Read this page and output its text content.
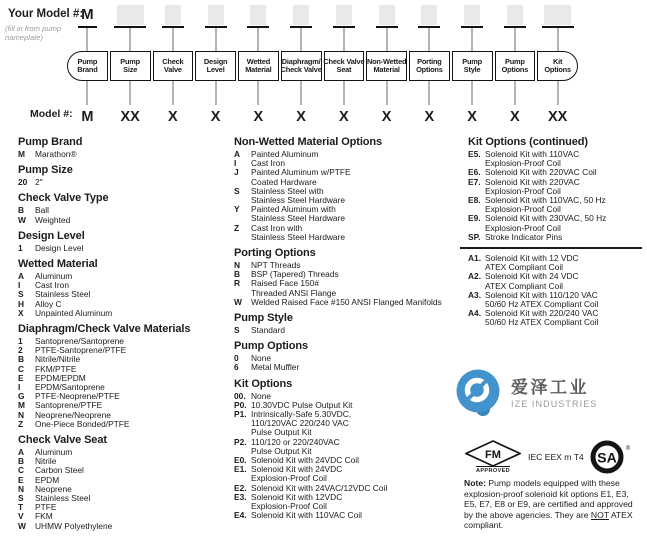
Your Model #:
(fill in from pump
nameplate)
M
Pump
Brand
M
Pump
Size
XX
Check
Valve
X
Design
Level
X
Wetted
Material
X
Diaphragm/
Check Valve
X
Check Valve
Seat
X
Non-Wetted
Material
X
Porting
Options
X
Pump
Style
X
Pump
Options
X
Kit
Options
XX
Model #:
Pump Brand
M	Marathon®
Pump Size
20 2"
Check Valve Type
B	Ball
W	Weighted
Design Level
1	Design Level
Wetted Material
A	Aluminum
I	Cast Iron
S	Stainless Steel
H	Alloy C
X	Unpainted Aluminum
Diaphragm/Check Valve Materials
1	Santoprene/Santoprene
2	PTFE-Santoprene/PTFE
B	Nitrile/Nitrile
C	FKM/PTFE
E	EPDM/EPDM
I	EPDM/Santoprene
G	PTFE-Neoprene/PTFE
M	Santoprene/PTFE
N	Neoprene/Neoprene
Z	One-Piece Bonded/PTFE
Check Valve Seat
A	Aluminum
B	Nitrile
C	Carbon Steel
E	EPDM
N	Neoprene
S	Stainless Steel
T	PTFE
V	FKM
W	UHMW Polyethylene
Non-Wetted Material Options
A	Painted Aluminum
I	Cast Iron
J	Painted Aluminum w/PTFE
Coated Hardware
S	Stainless Steel with
Stainless Steel Hardware
Y	Painted Aluminum with
Stainless Steel Hardware
Z	Cast Iron with
Stainless Steel Hardware
Porting Options
N	NPT Threads
B	BSP (Tapered) Threads
R	Raised Face 150#
Threaded ANSI Flange
W	Welded Raised Face #150 ANSI Flanged Manifolds
Pump Style
S	Standard
Pump Options
0	None
6	Metal Muffler
Kit Options
00. None
P0. 10.30VDC Pulse Output Kit
P1. Intrinsically-Safe 5.30VDC,
110/120VAC 220/240 VAC
Pulse Output Kit
P2. 110/120 or 220/240VAC
Pulse Output Kit
E0. Solenoid Kit with 24VDC Coil
E1. Solenoid Kit with 24VDC
Explosion-Proof Coil
E2. Solenoid Kit with 24VAC/12VDC Coil
E3. Solenoid Kit with 12VDC
Explosion-Proof Coil
E4. Solenoid Kit with 110VAC Coil
Kit Options (continued)
E5. Solenoid Kit with 110VAC
Explosion-Proof Coil
E6. Solenoid Kit with 220VAC Coil
E7. Solenoid Kit with 220VAC
Explosion-Proof Coil
E8. Solenoid Kit with 110VAC, 50 Hz
Explosion-Proof Coil
E9. Solenoid Kit with 230VAC, 50 Hz
Explosion-Proof Coil
SP. Stroke Indicator Pins
A1. Solenoid Kit with 12 VDC
ATEX Compliant Coil
A2. Solenoid Kit with 24 VDC
ATEX Compliant Coil
A3. Solenoid Kit with 110/120 VAC
50/60 Hz ATEX Compliant Coil
A4. Solenoid Kit with 220/240 VAC
50/60 Hz ATEX Compliant Coil
爱泽工业
IZE INDUSTRIES
FM
APPROVED
IEC EEX m T4 SA
®
Note: Pump models equipped with these explosion-proof solenoid kit options E1, E3, E5, E7, E8 or E9, are certified and approved by the above agencies. They are NOT ATEX compliant.
